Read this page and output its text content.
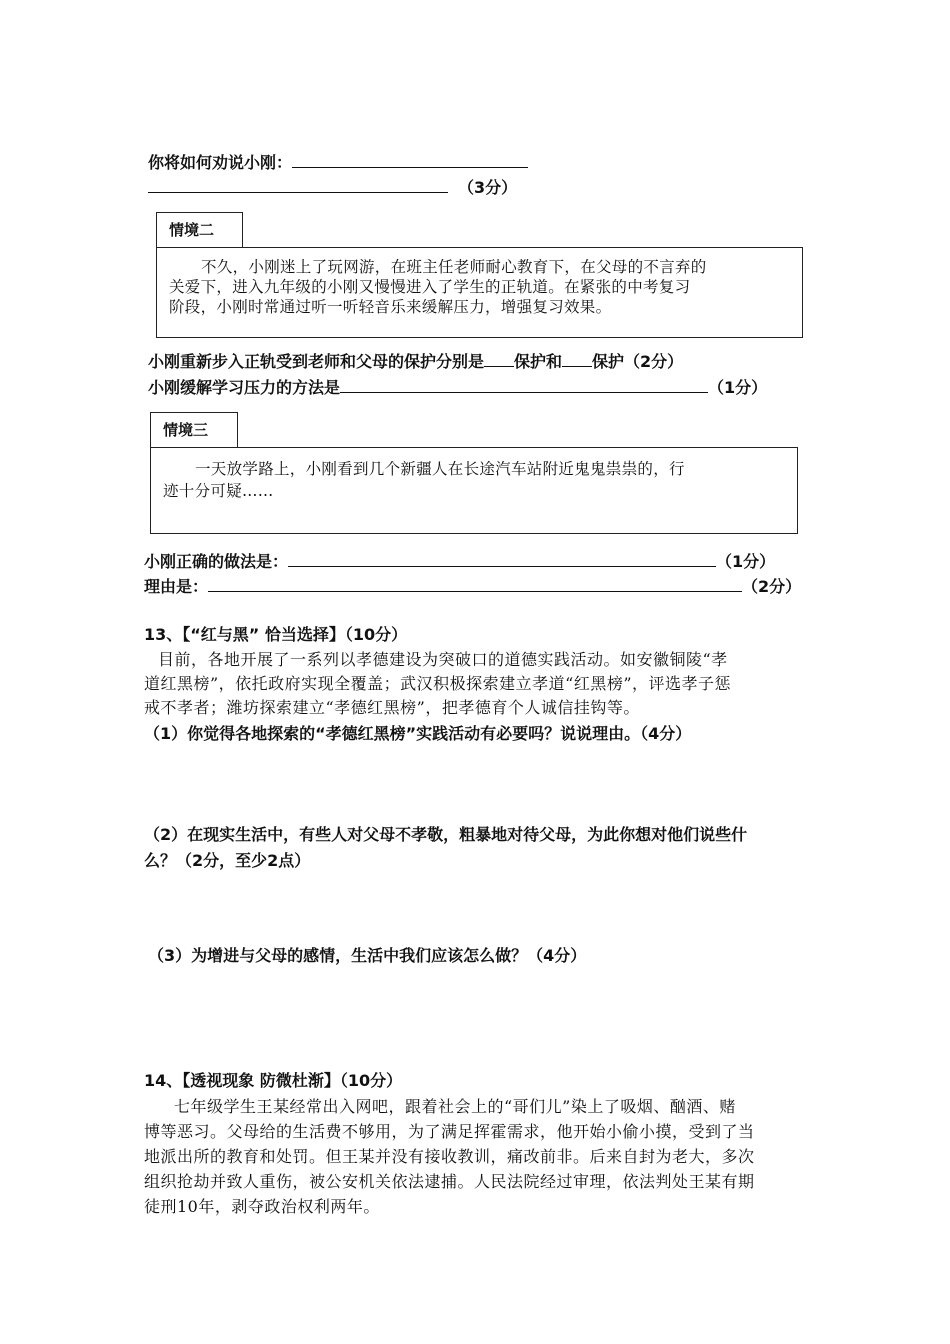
你将如何劝说小刚：
（3分）
情境二
不久，小刚迷上了玩网游，在班主任老师耐心教育下，在父母的不言弃的
关爱下，进入九年级的小刚又慢慢进入了学生的正轨道。在紧张的中考复习
阶段，小刚时常通过听一听轻音乐来缓解压力，增强复习效果。
小刚重新步入正轨受到老师和父母的保护分别是 保护和 保护（2分）
小刚缓解学习压力的方法是	（1分）
情境三
一天放学路上，小刚看到几个新疆人在长途汽车站附近鬼鬼祟祟的，行
迹十分可疑……
小刚正确的做法是：	（1分）
理由是：	（2分）
13、【“红与黑” 恰当选择】（10分）
目前，各地开展了一系列以孝德建设为突破口的道德实践活动。如安徽铜陵“孝
道红黑榜”，依托政府实现全覆盖；武汉积极探索建立孝道“红黑榜”，评选孝子惩
戒不孝者；潍坊探索建立“孝德红黑榜”，把孝德育个人诚信挂钩等。
（1）你觉得各地探索的“孝德红黑榜”实践活动有必要吗？说说理由。（4分）
（2）在现实生活中，有些人对父母不孝敬，粗暴地对待父母，为此你想对他们说些什
么？（2分，至少2点）
（3）为增进与父母的感情，生活中我们应该怎么做？（4分）
14、【透视现象 防微杜渐】（10分）
七年级学生王某经常出入网吧，跟着社会上的“哥们儿”染上了吸烟、酗酒、赌
博等恶习。父母给的生活费不够用，为了满足挥霍需求，他开始小偷小摸，受到了当
地派出所的教育和处罚。但王某并没有接收教训，痛改前非。后来自封为老大，多次
组织抢劫并致人重伤，被公安机关依法逮捕。人民法院经过审理，依法判处王某有期
徒刑10年，剥夺政治权利两年。
